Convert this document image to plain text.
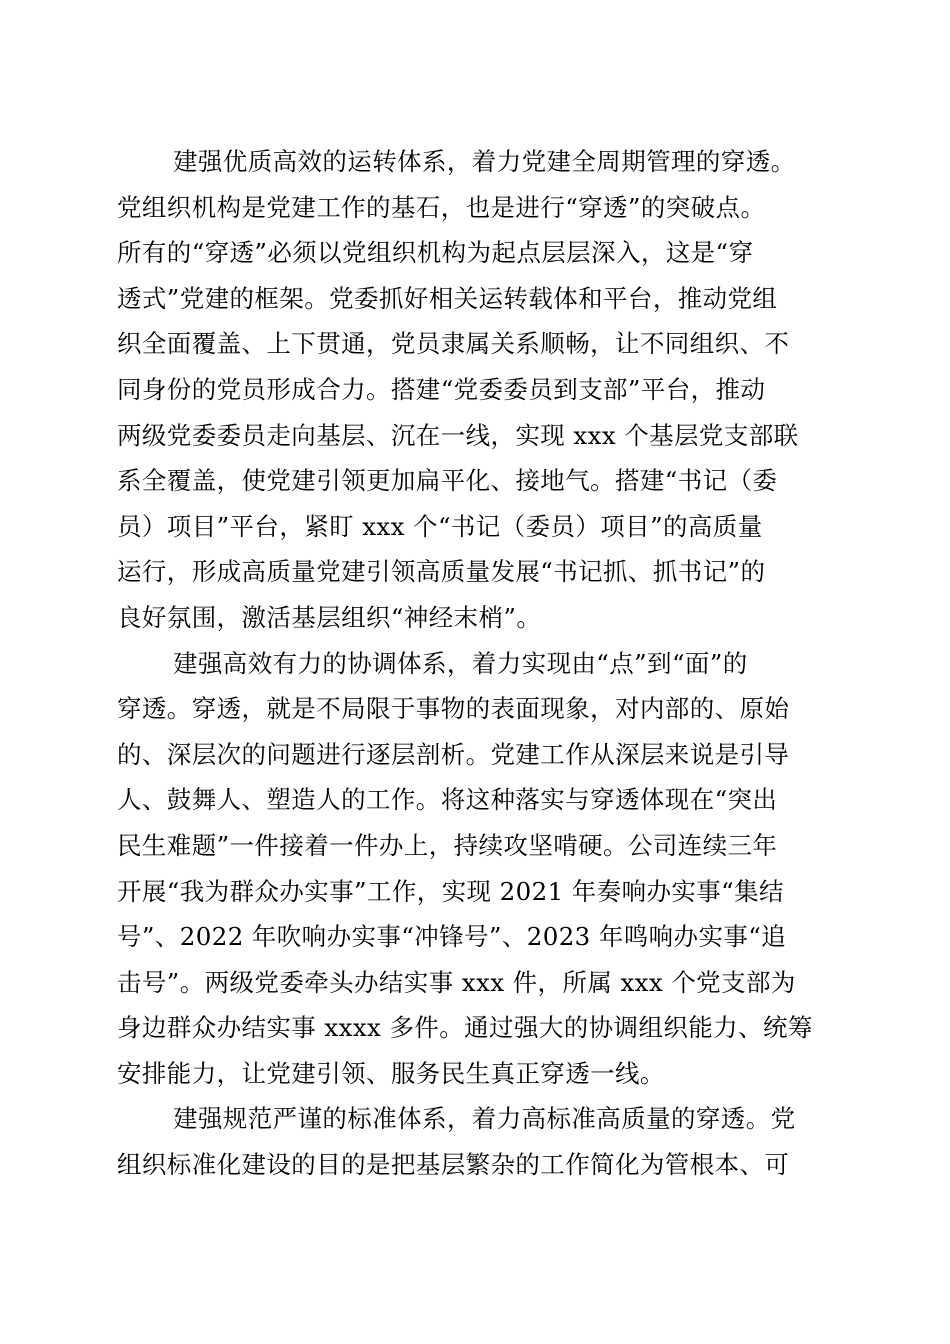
建强优质高效的运转体系，着力党建全周期管理的穿透。
党组织机构是党建工作的基石，也是进行“穿透”的突破点。
所有的“穿透”必须以党组织机构为起点层层深入，这是“穿
透式”党建的框架。党委抓好相关运转载体和平台，推动党组
织全面覆盖、上下贯通，党员隶属关系顺畅，让不同组织、不
同身份的党员形成合力。搭建“党委委员到支部”平台，推动
两级党委委员走向基层、沉在一线，实现 xxx 个基层党支部联
系全覆盖，使党建引领更加扁平化、接地气。搭建“书记（委
员）项目”平台，紧盯 xxx 个“书记（委员）项目”的高质量
运行，形成高质量党建引领高质量发展“书记抓、抓书记”的
良好氛围，激活基层组织“神经末梢”。
建强高效有力的协调体系，着力实现由“点”到“面”的
穿透。穿透，就是不局限于事物的表面现象，对内部的、原始
的、深层次的问题进行逐层剖析。党建工作从深层来说是引导
人、鼓舞人、塑造人的工作。将这种落实与穿透体现在“突出
民生难题”一件接着一件办上，持续攻坚啃硬。公司连续三年
开展“我为群众办实事”工作，实现 2021 年奏响办实事“集结
号”、2022 年吹响办实事“冲锋号”、2023 年鸣响办实事“追
击号”。两级党委牵头办结实事 xxx 件，所属 xxx 个党支部为
身边群众办结实事 xxxx 多件。通过强大的协调组织能力、统筹
安排能力，让党建引领、服务民生真正穿透一线。
建强规范严谨的标准体系，着力高标准高质量的穿透。党
组织标准化建设的目的是把基层繁杂的工作简化为管根本、可
